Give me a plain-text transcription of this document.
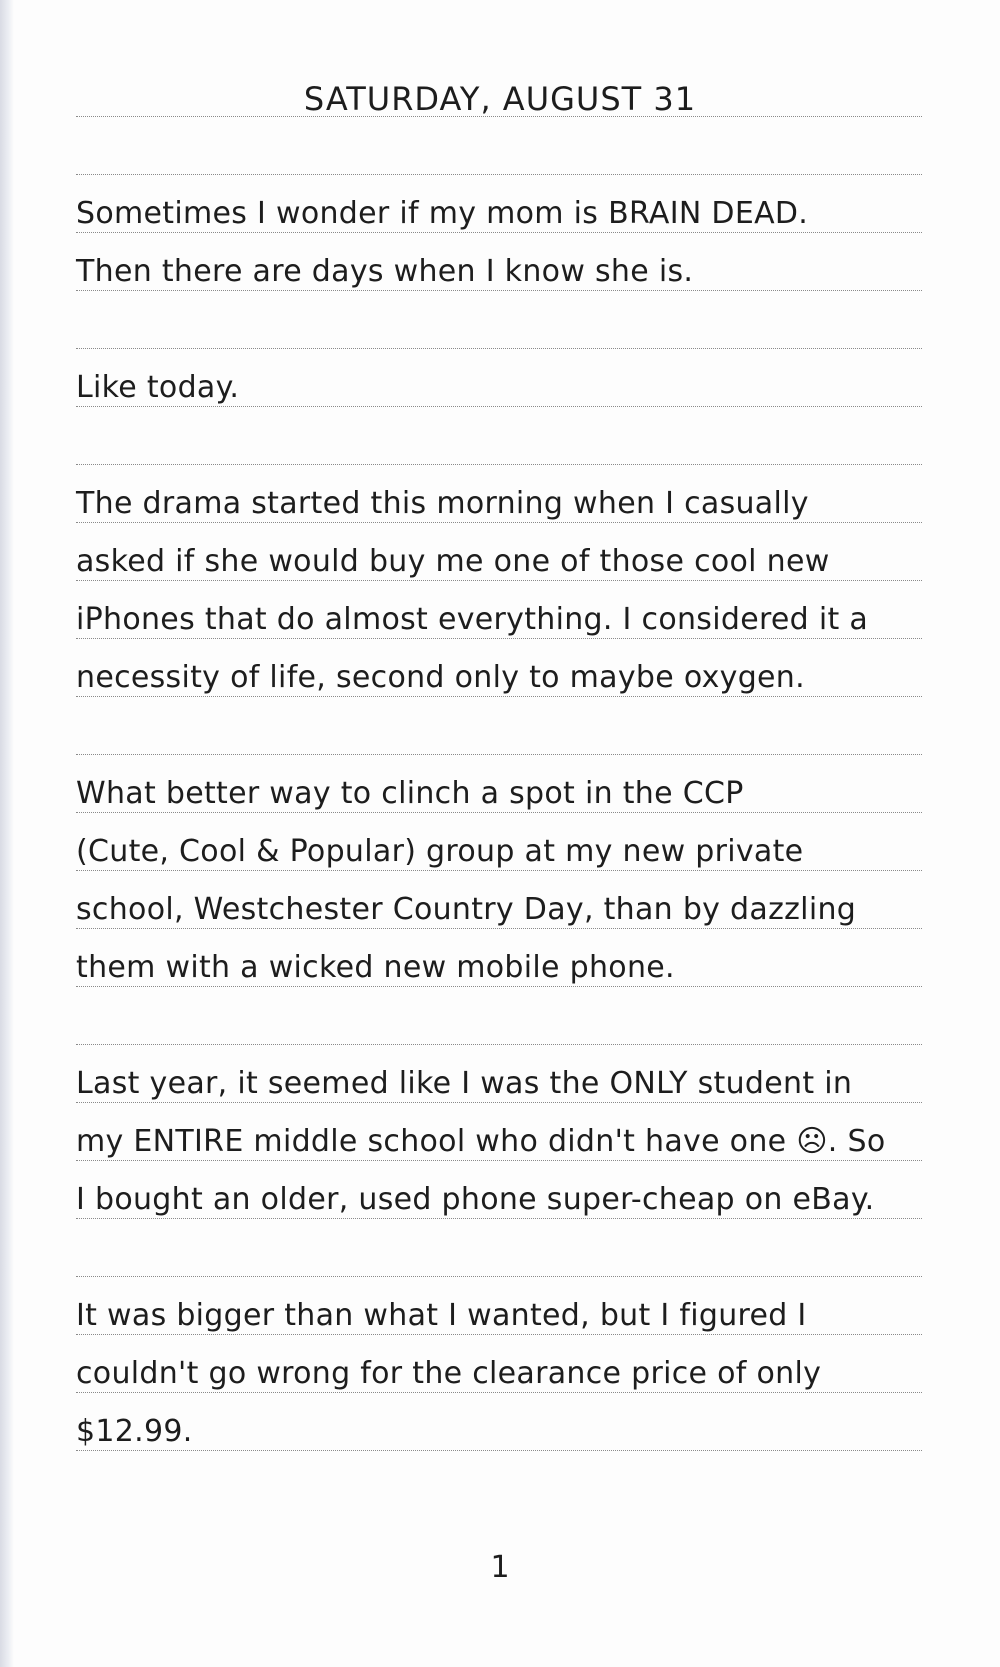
SATURDAY, AUGUST 31
Sometimes I wonder if my mom is BRAIN DEAD.
Then there are days when I know she is.
Like today.
The drama started this morning when I casually
asked if she would buy me one of those cool new
iPhones that do almost everything. I considered it a
necessity of life, second only to maybe oxygen.
What better way to clinch a spot in the CCP
(Cute, Cool & Popular) group at my new private
school, Westchester Country Day, than by dazzling
them with a wicked new mobile phone.
Last year, it seemed like I was the ONLY student in
my ENTIRE middle school who didn't have one ☹. So
I bought an older, used phone super-cheap on eBay.
It was bigger than what I wanted, but I figured I
couldn't go wrong for the clearance price of only
$12.99.
1
